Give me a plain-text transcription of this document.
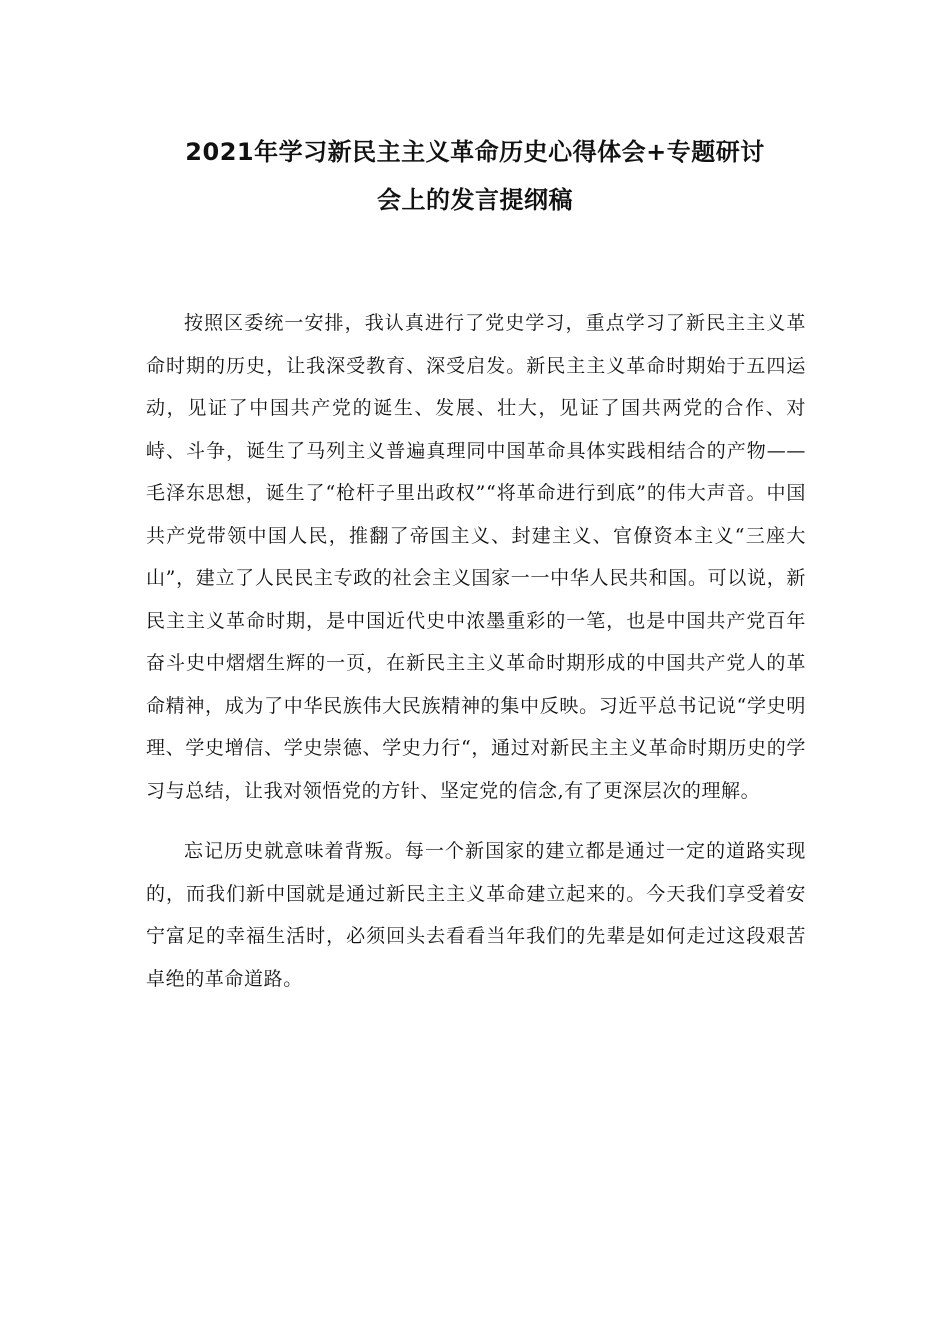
2021年学习新民主主义革命历史心得体会+专题研讨
会上的发言提纲稿

按照区委统一安排，我认真进行了党史学习，重点学习了新民主主义革命时期的历史，让我深受教育、深受启发。新民主主义革命时期始于五四运动，见证了中国共产党的诞生、发展、壮大，见证了国共两党的合作、对峙、斗争，诞生了马列主义普遍真理同中国革命具体实践相结合的产物——毛泽东思想，诞生了“枪杆子里出政权”“将革命进行到底”的伟大声音。中国共产党带领中国人民，推翻了帝国主义、封建主义、官僚资本主义“三座大山”，建立了人民民主专政的社会主义国家一一中华人民共和国。可以说，新民主主义革命时期，是中国近代史中浓墨重彩的一笔，也是中国共产党百年奋斗史中熠熠生辉的一页，在新民主主义革命时期形成的中国共产党人的革命精神，成为了中华民族伟大民族精神的集中反映。习近平总书记说“学史明理、学史增信、学史崇德、学史力行“，通过对新民主主义革命时期历史的学习与总结，让我对领悟党的方针、坚定党的信念,有了更深层次的理解。

忘记历史就意味着背叛。每一个新国家的建立都是通过一定的道路实现的，而我们新中国就是通过新民主主义革命建立起来的。今天我们享受着安宁富足的幸福生活时，必须回头去看看当年我们的先辈是如何走过这段艰苦卓绝的革命道路。
